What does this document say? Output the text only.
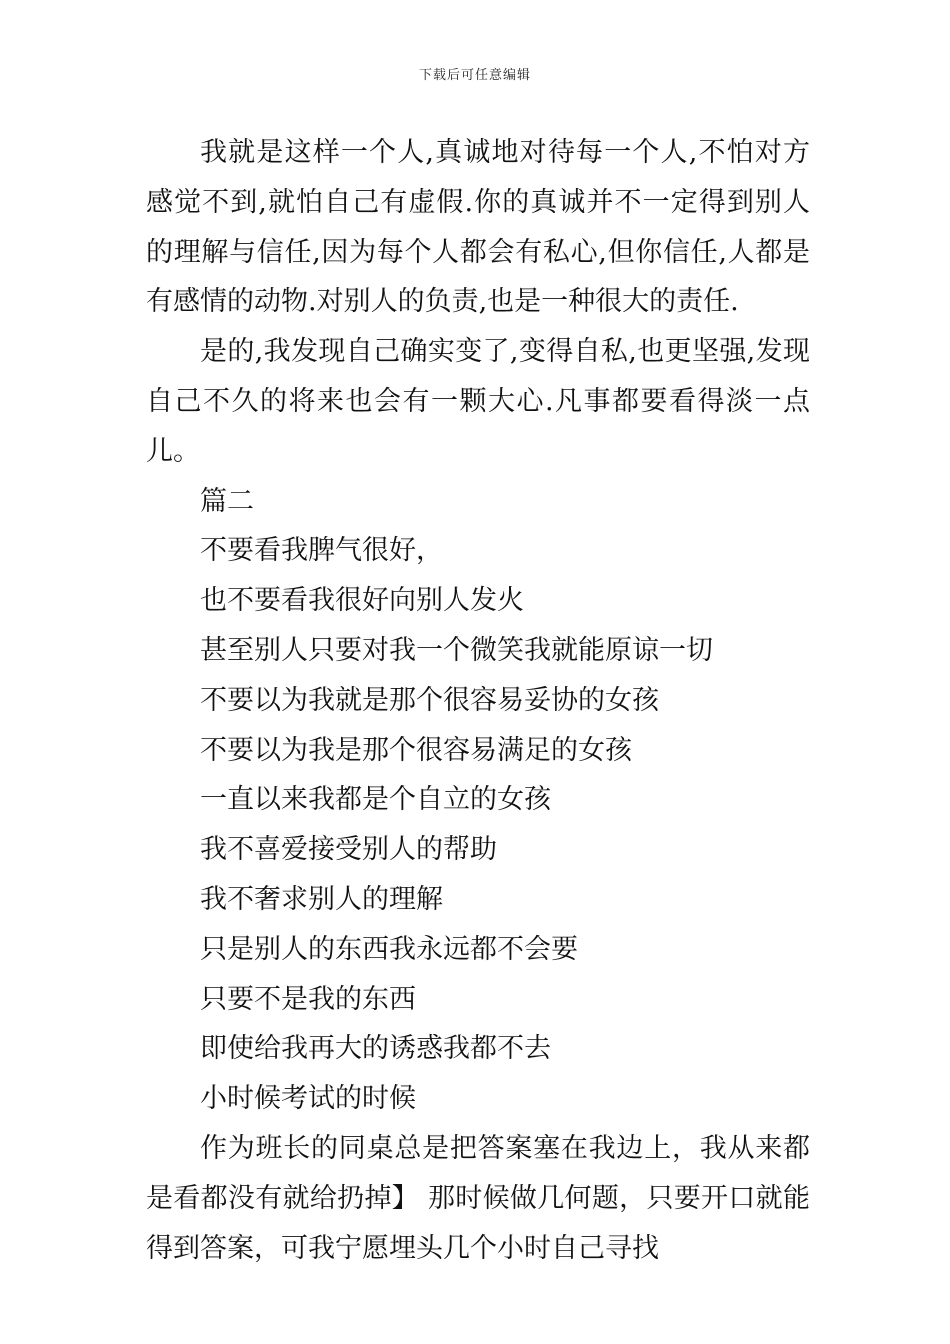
下载后可任意编辑

我就是这样一个人,真诚地对待每一个人,不怕对方感觉不到,就怕自己有虚假.你的真诚并不一定得到别人的理解与信任,因为每个人都会有私心,但你信任,人都是有感情的动物.对别人的负责,也是一种很大的责任.

是的,我发现自己确实变了,变得自私,也更坚强,发现自己不久的将来也会有一颗大心.凡事都要看得淡一点儿。

篇二

不要看我脾气很好，

也不要看我很好向别人发火

甚至别人只要对我一个微笑我就能原谅一切

不要以为我就是那个很容易妥协的女孩

不要以为我是那个很容易满足的女孩

一直以来我都是个自立的女孩

我不喜爱接受别人的帮助

我不奢求别人的理解

只是别人的东西我永远都不会要

只要不是我的东西

即使给我再大的诱惑我都不去

小时候考试的时候

作为班长的同桌总是把答案塞在我边上，我从来都是看都没有就给扔掉】 那时候做几何题，只要开口就能得到答案，可我宁愿埋头几个小时自己寻找
